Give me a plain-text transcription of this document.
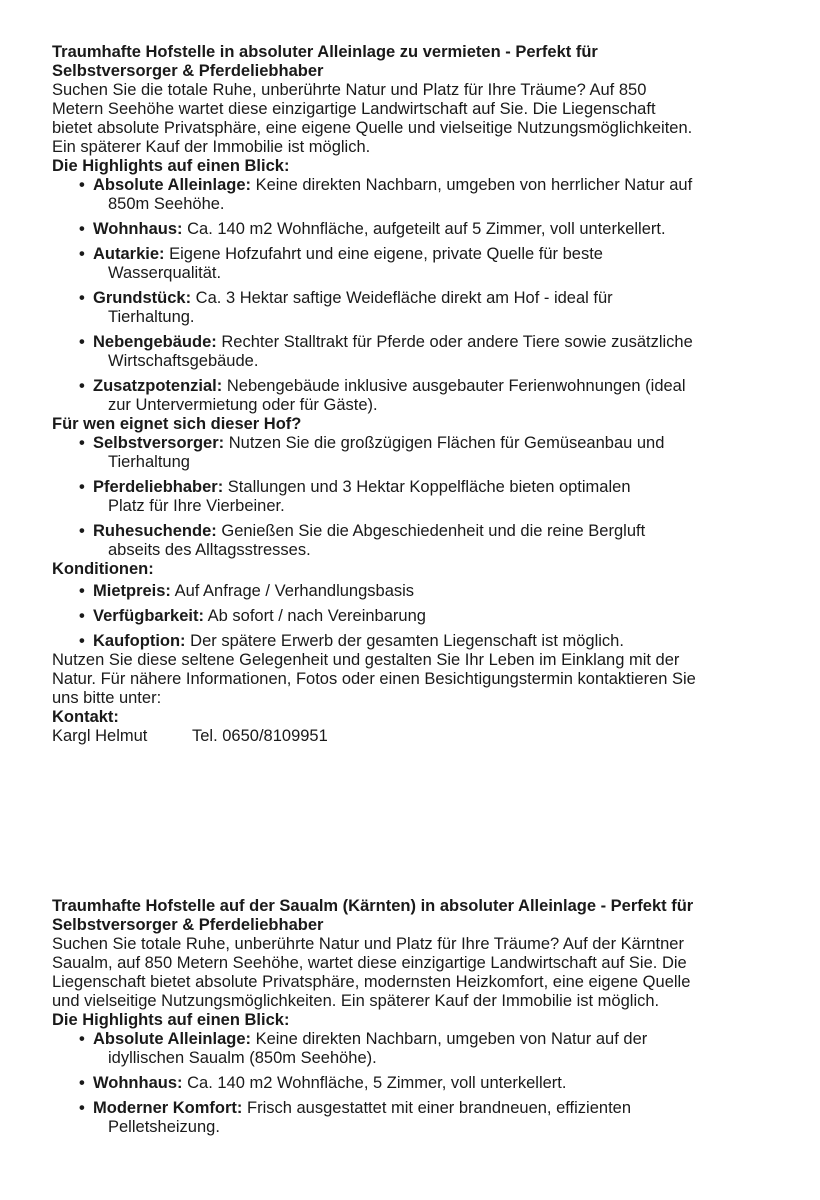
Traumhafte Hofstelle in absoluter Alleinlage zu vermieten - Perfekt für
Selbstversorger & Pferdeliebhaber

Suchen Sie die totale Ruhe, unberührte Natur und Platz für Ihre Träume? Auf 850

Metern Seehöhe wartet diese einzigartige Landwirtschaft auf Sie. Die Liegenschaft

bietet absolute Privatsphäre, eine eigene Quelle und vielseitige Nutzungsmöglichkeiten.

Ein späterer Kauf der Immobilie ist möglich.

Die Highlights auf einen Blick:
• Absolute Alleinlage: Keine direkten Nachbarn, umgeben von herrlicher Natur auf
850m Seehöhe.
• Wohnhaus: Ca. 140 m2 Wohnfläche, aufgeteilt auf 5 Zimmer, voll unterkellert.
• Autarkie: Eigene Hofzufahrt und eine eigene, private Quelle für beste
Wasserqualität.
• Grundstück: Ca. 3 Hektar saftige Weidefläche direkt am Hof - ideal für
Tierhaltung.
• Nebengebäude: Rechter Stalltrakt für Pferde oder andere Tiere sowie zusätzliche
Wirtschaftsgebäude.
• Zusatzpotenzial: Nebengebäude inklusive ausgebauter Ferienwohnungen (ideal
zur Untervermietung oder für Gäste).
Für wen eignet sich dieser Hof?
• Selbstversorger: Nutzen Sie die großzügigen Flächen für Gemüseanbau und
Tierhaltung
• Pferdeliebhaber: Stallungen und 3 Hektar Koppelfläche bieten optimalen
Platz für Ihre Vierbeiner.
• Ruhesuchende: Genießen Sie die Abgeschiedenheit und die reine Bergluft
abseits des Alltagsstresses.
Konditionen:
• Mietpreis: Auf Anfrage / Verhandlungsbasis
• Verfügbarkeit: Ab sofort / nach Vereinbarung
• Kaufoption: Der spätere Erwerb der gesamten Liegenschaft ist möglich.

Nutzen Sie diese seltene Gelegenheit und gestalten Sie Ihr Leben im Einklang mit der

Natur. Für nähere Informationen, Fotos oder einen Besichtigungstermin kontaktieren Sie

uns bitte unter:

Kontakt:
Kargl Helmut	Tel. 0650/8109951
Traumhafte Hofstelle auf der Saualm (Kärnten) in absoluter Alleinlage - Perfekt für
Selbstversorger & Pferdeliebhaber

Suchen Sie totale Ruhe, unberührte Natur und Platz für Ihre Träume? Auf der Kärntner

Saualm, auf 850 Metern Seehöhe, wartet diese einzigartige Landwirtschaft auf Sie. Die

Liegenschaft bietet absolute Privatsphäre, modernsten Heizkomfort, eine eigene Quelle

und vielseitige Nutzungsmöglichkeiten. Ein späterer Kauf der Immobilie ist möglich.

Die Highlights auf einen Blick:
• Absolute Alleinlage: Keine direkten Nachbarn, umgeben von Natur auf der
idyllischen Saualm (850m Seehöhe).
• Wohnhaus: Ca. 140 m2 Wohnfläche, 5 Zimmer, voll unterkellert.
• Moderner Komfort: Frisch ausgestattet mit einer brandneuen, effizienten
Pelletsheizung.
